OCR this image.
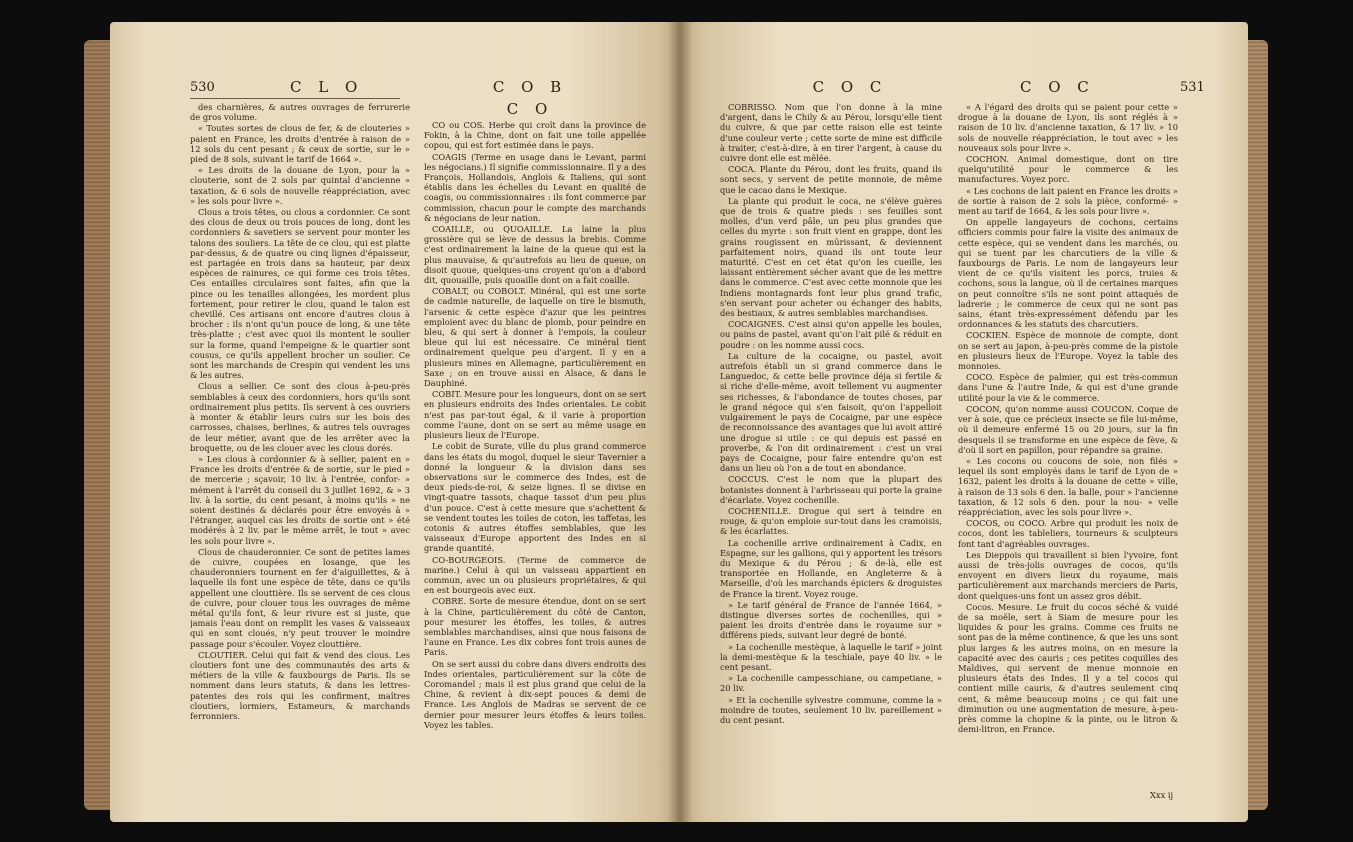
530	C L O	C O B
C O

des charnières, & autres ouvrages de ferrurerie de gros volume.

« Toutes sortes de clous de fer, & de clouteries » paient en France, les droits d'entrée à raison de » 12 sols du cent pesant ; & ceux de sortie, sur le » pied de 8 sols, suivant le tarif de 1664 ».

« Les droits de la douane de Lyon, pour la » clouterie, sont de 2 sols par quintal d'ancienne » taxation, & 6 sols de nouvelle réappréciation, avec » les sols pour livre ».

Clous a trois têtes, ou clous a cordonnier. Ce sont des clous de deux ou trois pouces de long, dont les cordonniers & savetiers se servent pour monter les talons des souliers. La tête de ce clou, qui est platte par-dessus, & de quatre ou cinq lignes d'épaisseur, est partagée en trois dans sa hauteur, par deux espèces de rainures, ce qui forme ces trois têtes. Ces entailles circulaires sont faites, afin que la pince ou les tenailles allongées, les mordent plus fortement, pour retirer le clou, quand le talon est chevillé. Ces artisans ont encore d'autres clous à brocher : ils n'ont qu'un pouce de long, & une tête très-platte ; c'est avec quoi ils montent le soulier sur la forme, quand l'empeigne & le quartier sont cousus, ce qu'ils appellent brocher un soulier. Ce sont les marchands de Crespin qui vendent les uns & les autres.

Clous a sellier. Ce sont des clous à-peu-près semblables à ceux des cordonniers, hors qu'ils sont ordinairement plus petits. Ils servent à ces ouvriers à monter & établir leurs cuirs sur les bois des carrosses, chaises, berlines, & autres tels ouvrages de leur métier, avant que de les arrêter avec la broquette, ou de les clouer avec les clous dorés.

» Les clous à cordonnier & à sellier, paient en » France les droits d'entrée & de sortie, sur le pied » de mercerie ; sçavoir, 10 liv. à l'entrée, confor- » mément à l'arrêt du conseil du 3 juillet 1692, & » 3 liv. à la sortie, du cent pesant, à moins qu'ils » ne soient destinés & déclarés pour être envoyés à » l'étranger, auquel cas les droits de sortie ont » été modérés à 2 liv. par le même arrêt, le tout » avec les sols pour livre ».

Clous de chauderonnier. Ce sont de petites lames de cuivre, coupées en losange, que les chauderonniers tournent en fer d'aiguillettes, & à laquelle ils font une espèce de tête, dans ce qu'ils appellent une clouttière. Ils se servent de ces clous de cuivre, pour clouer tous les ouvrages de même métal qu'ils font, & leur rivure est si juste, que jamais l'eau dont on remplit les vases & vaisseaux qui en sont cloués, n'y peut trouver le moindre passage pour s'écouler. Voyez clouttière.

CLOUTIER. Celui qui fait & vend des clous. Les cloutiers font une des communautés des arts & métiers de la ville & fauxbourgs de Paris. Ils se nomment dans leurs statuts, & dans les lettres-patentes des rois qui les confirment, maîtres cloutiers, lormiers, Estameurs, & marchands ferronniers.

CO ou COS. Herbe qui croît dans la province de Fokin, à la Chine, dont on fait une toile appellée copou, qui est fort estimée dans le pays.

COAGIS (Terme en usage dans le Levant, parmi les négocians.) Il signifie commissionnaire. Il y a des François, Hollandois, Anglois & Italiens, qui sont établis dans les échelles du Levant en qualité de coagis, ou commissionnaires : ils font commerce par commission, chacun pour le compte des marchands & négocians de leur nation.

COAILLE, ou QUOAILLE. La laine la plus grossière qui se lève de dessus la brebis. Comme c'est ordinairement la laine de la queue qui est la plus mauvaise, & qu'autrefois au lieu de queue, on disoit quoue, quelques-uns croyent qu'on a d'abord dit, quouaille, puis quoaille dont on a fait coaille.

COBALT, ou COBOLT. Minéral, qui est une sorte de cadmie naturelle, de laquelle on tire le bismuth, l'arsenic & cette espèce d'azur que les peintres emploient avec du blanc de plomb, pour peindre en bleu, & qui sert à donner à l'empois, la couleur bleue qui lui est nécessaire. Ce minéral tient ordinairement quelque peu d'argent. Il y en a plusieurs mines en Allemagne, particulièrement en Saxe ; on en trouve aussi en Alsace, & dans le Dauphiné.

COBIT. Mesure pour les longueurs, dont on se sert en plusieurs endroits des Indes orientales. Le cobit n'est pas par-tout égal, & il varie à proportion comme l'aune, dont on se sert au même usage en plusieurs lieux de l'Europe.

Le cobit de Surate, ville du plus grand commerce dans les états du mogol, duquel le sieur Tavernier a donné la longueur & la division dans ses observations sur le commerce des Indes, est de deux pieds-de-roi, & seize lignes. Il se divise en vingt-quatre tassots, chaque tassot d'un peu plus d'un pouce. C'est à cette mesure que s'achettent & se vendent toutes les toiles de coton, les taffetas, les cotonis & autres étoffes semblables, que les vaisseaux d'Europe apportent des Indes en si grande quantité.

CO-BOURGEOIS. (Terme de commerce de marine.) Celui à qui un vaisseau appartient en commun, avec un ou plusieurs propriétaires, & qui en est bourgeois avec eux.

COBRE. Sorte de mesure étendue, dont on se sert à la Chine, particulièrement du côté de Canton, pour mesurer les étoffes, les toiles, & autres semblables marchandises, ainsi que nous faisons de l'aune en France. Les dix cobres font trois aunes de Paris.

On se sert aussi du cobre dans divers endroits des Indes orientales, particulièrement sur la côte de Coromandel ; mais il est plus grand que celui de la Chine, & revient à dix-sept pouces & demi de France. Les Anglois de Madras se servent de ce dernier pour mesurer leurs étoffes & leurs toiles. Voyez les tables.

C O C	C O C	531

COBRISSO. Nom que l'on donne à la mine d'argent, dans le Chily & au Pérou, lorsqu'elle tient du cuivre, & que par cette raison elle est teinte d'une couleur verte ; cette sorte de mine est difficile à traiter, c'est-à-dire, à en tirer l'argent, à cause du cuivre dont elle est mêlée.

COCA. Plante du Pérou, dont les fruits, quand ils sont secs, y servent de petite monnoie, de même que le cacao dans le Mexique.

La plante qui produit le coca, ne s'élève guères que de trois & quatre pieds : ses feuilles sont molles, d'un verd pâle, un peu plus grandes que celles du myrte : son fruit vient en grappe, dont les grains rougissent en mûrissant, & deviennent parfaitement noirs, quand ils ont toute leur maturité. C'est en cet état qu'on les cueille, les laissant entièrement sécher avant que de les mettre dans le commerce. C'est avec cette monnoie que les Indiens montagnards font leur plus grand trafic, s'en servant pour acheter ou échanger des habits, des bestiaux, & autres semblables marchandises.

COCAIGNES. C'est ainsi qu'on appelle les boules, ou pains de pastel, avant qu'on l'ait pilé & réduit en poudre : on les nomme aussi cocs.

La culture de la cocaigne, ou pastel, avoit autrefois établi un si grand commerce dans le Languedoc, & cette belle province déja si fertile & si riche d'elle-même, avoit tellement vu augmenter ses richesses, & l'abondance de toutes choses, par le grand négoce qui s'en faisoit, qu'on l'appelloit vulgairement le pays de Cocaigne, par une espèce de reconnoissance des avantages que lui avoit attiré une drogue si utile : ce qui depuis est passé en proverbe, & l'on dit ordinairement : c'est un vrai pays de Cocaigne, pour faire entendre qu'on est dans un lieu où l'on a de tout en abondance.

COCCUS. C'est le nom que la plupart des botanistes donnent à l'arbrisseau qui porte la graine d'écarlate. Voyez cochenille.

COCHENILLE. Drogue qui sert à teindre en rouge, & qu'on emploie sur-tout dans les cramoisis, & les écarlattes.

La cochenille arrive ordinairement à Cadix, en Espagne, sur les gallions, qui y apportent les trésors du Mexique & du Pérou ; & de-là, elle est transportée en Hollande, en Angleterre & à Marseille, d'où les marchands épiciers & droguistes de France la tirent. Voyez rouge.

» Le tarif général de France de l'année 1664, » distingue diverses sortes de cochenilles, qui » paient les droits d'entrée dans le royaume sur » différens pieds, suivant leur degré de bonté.

» La cochenille mestèque, à laquelle le tarif » joint la demi-mestèque & la teschiale, paye 40 liv. » le cent pesant.

» La cochenille campesschiane, ou campetiane, » 20 liv.

» Et la cochenille sylvestre commune, comme la » moindre de toutes, seulement 10 liv. pareillement » du cent pesant.

« A l'égard des droits qui se paient pour cette » drogue à la douane de Lyon, ils sont réglés à » raison de 10 liv. d'ancienne taxation, & 17 liv. » 10 sols de nouvelle réappréciation, le tout avec » les nouveaux sols pour livre ».

COCHON. Animal domestique, dont on tire quelqu'utilité pour le commerce & les manufactures. Voyez porc.

« Les cochons de lait paient en France les droits » de sortie à raison de 2 sols la pièce, conformé- » ment au tarif de 1664, & les sols pour livre ».

On appelle langayeurs de cochons, certains officiers commis pour faire la visite des animaux de cette espèce, qui se vendent dans les marchés, ou qui se tuent par les charcutiers de la ville & fauxbourgs de Paris. Le nom de langayeurs leur vient de ce qu'ils visitent les porcs, truies & cochons, sous la langue, où il de certaines marques on peut connoître s'ils ne sont point attaqués de ladrerie ; le commerce de ceux qui ne sont pas sains, étant très-expressément défendu par les ordonnances & les statuts des charcutiers.

COCKIEN. Espèce de monnoie de compte, dont on se sert au japon, à-peu-près comme de la pistole en plusieurs lieux de l'Europe. Voyez la table des monnoies.

COCO. Espèce de palmier, qui est très-commun dans l'une & l'autre Inde, & qui est d'une grande utilité pour la vie & le commerce.

COCON, qu'on nomme aussi COUCON. Coque de ver à soie, que ce précieux insecte se file lui-même, où il demeure enfermé 15 ou 20 jours, sur la fin desquels il se transforme en une espèce de fève, & d'où il sort en papillon, pour répandre sa graine.

« Les cocons ou coucons de soie, non filés » lequel ils sont employés dans le tarif de Lyon de » 1632, paient les droits à la douane de cette » ville, à raison de 13 sols 6 den. la balle, pour » l'ancienne taxation, & 12 sols 6 den. pour la nou- » velle réappréciation, avec les sols pour livre ».

COCOS, ou COCO. Arbre qui produit les noix de cocos, dont les tableliers, tourneurs & sculpteurs font tant d'agréables ouvrages.

Les Dieppois qui travaillent si bien l'yvoire, font aussi de très-jolis ouvrages de cocos, qu'ils envoyent en divers lieux du royaume, mais particulièrement aux marchands merciers de Paris, dont quelques-uns font un assez gros débit.

Cocos. Mesure. Le fruit du cocos séché & vuidé de sa moële, sert à Siam de mesure pour les liquides & pour les grains. Comme ces fruits ne sont pas de la même continence, & que les uns sont plus larges & les autres moins, on en mesure la capacité avec des cauris ; ces petites coquilles des Maldives, qui servent de menue monnoie en plusieurs états des Indes. Il y a tel cocos qui contient mille cauris, & d'autres seulement cinq cent, & même beaucoup moins ; ce qui fait une diminution ou une augmentation de mesure, à-peu-près comme la chopine & la pinte, ou le litron & demi-litron, en France.

Xxx ij
